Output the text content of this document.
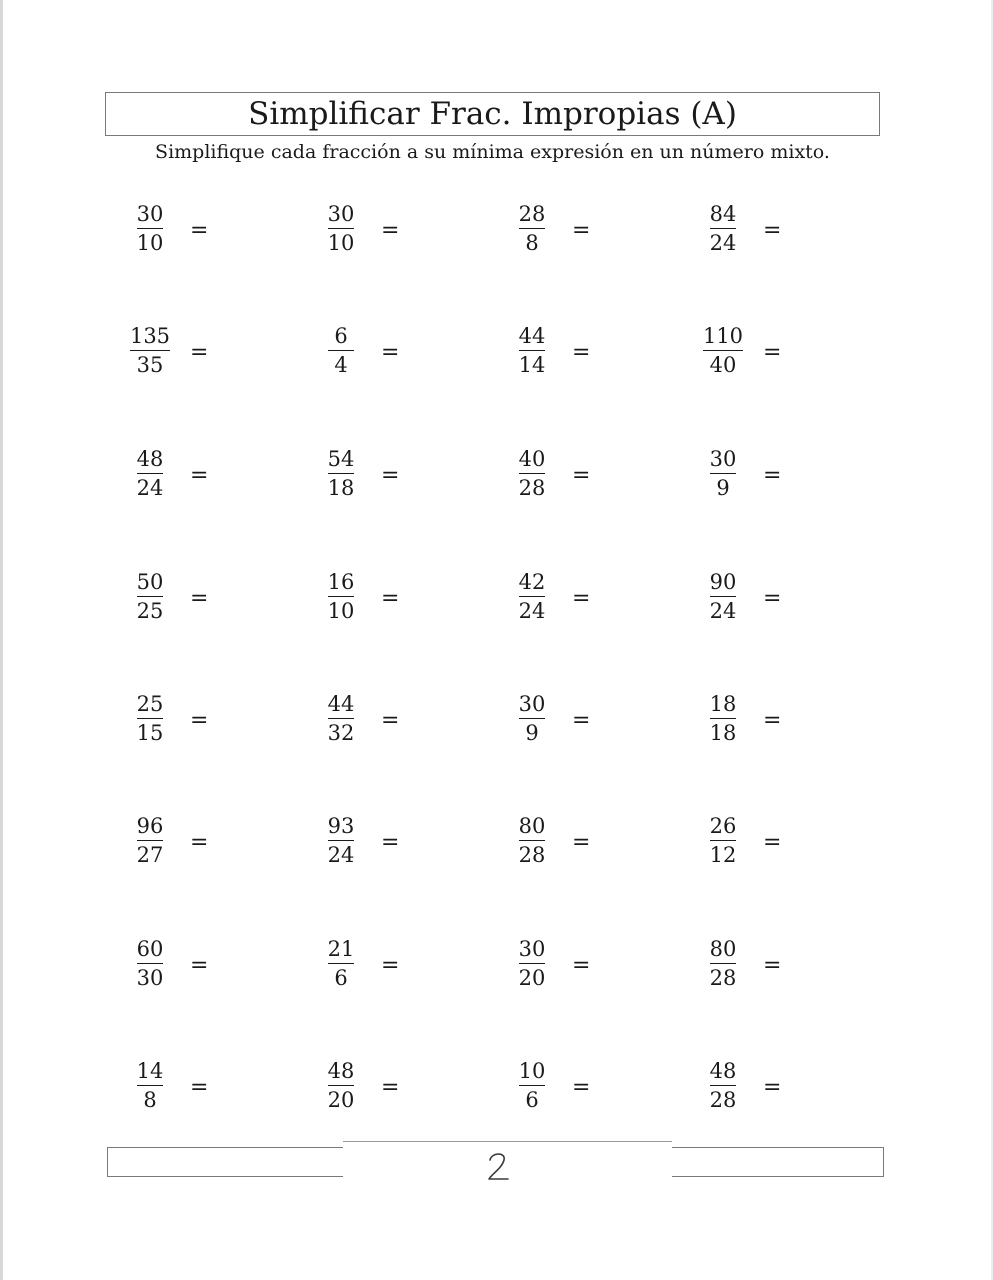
Simplificar Frac. Impropias (A)
Simplifique cada fracción a su mínima expresión en un número mixto.
$\frac{30}{10}$ =	$\frac{30}{10}$ =	$\frac{28}{8}$ =	$\frac{84}{24}$ =
$\frac{135}{35}$ =	$\frac{6}{4}$ =	$\frac{44}{14}$ =	$\frac{110}{40}$ =
$\frac{48}{24}$ =	$\frac{54}{18}$ =	$\frac{40}{28}$ =	$\frac{30}{9}$ =
$\frac{50}{25}$ =	$\frac{16}{10}$ =	$\frac{42}{24}$ =	$\frac{90}{24}$ =
$\frac{25}{15}$ =	$\frac{44}{32}$ =	$\frac{30}{9}$ =	$\frac{18}{18}$ =
$\frac{96}{27}$ =	$\frac{93}{24}$ =	$\frac{80}{28}$ =	$\frac{26}{12}$ =
$\frac{60}{30}$ =	$\frac{21}{6}$ =	$\frac{30}{20}$ =	$\frac{80}{28}$ =
$\frac{14}{8}$ =	$\frac{48}{20}$ =	$\frac{10}{6}$ =	$\frac{48}{28}$ =
